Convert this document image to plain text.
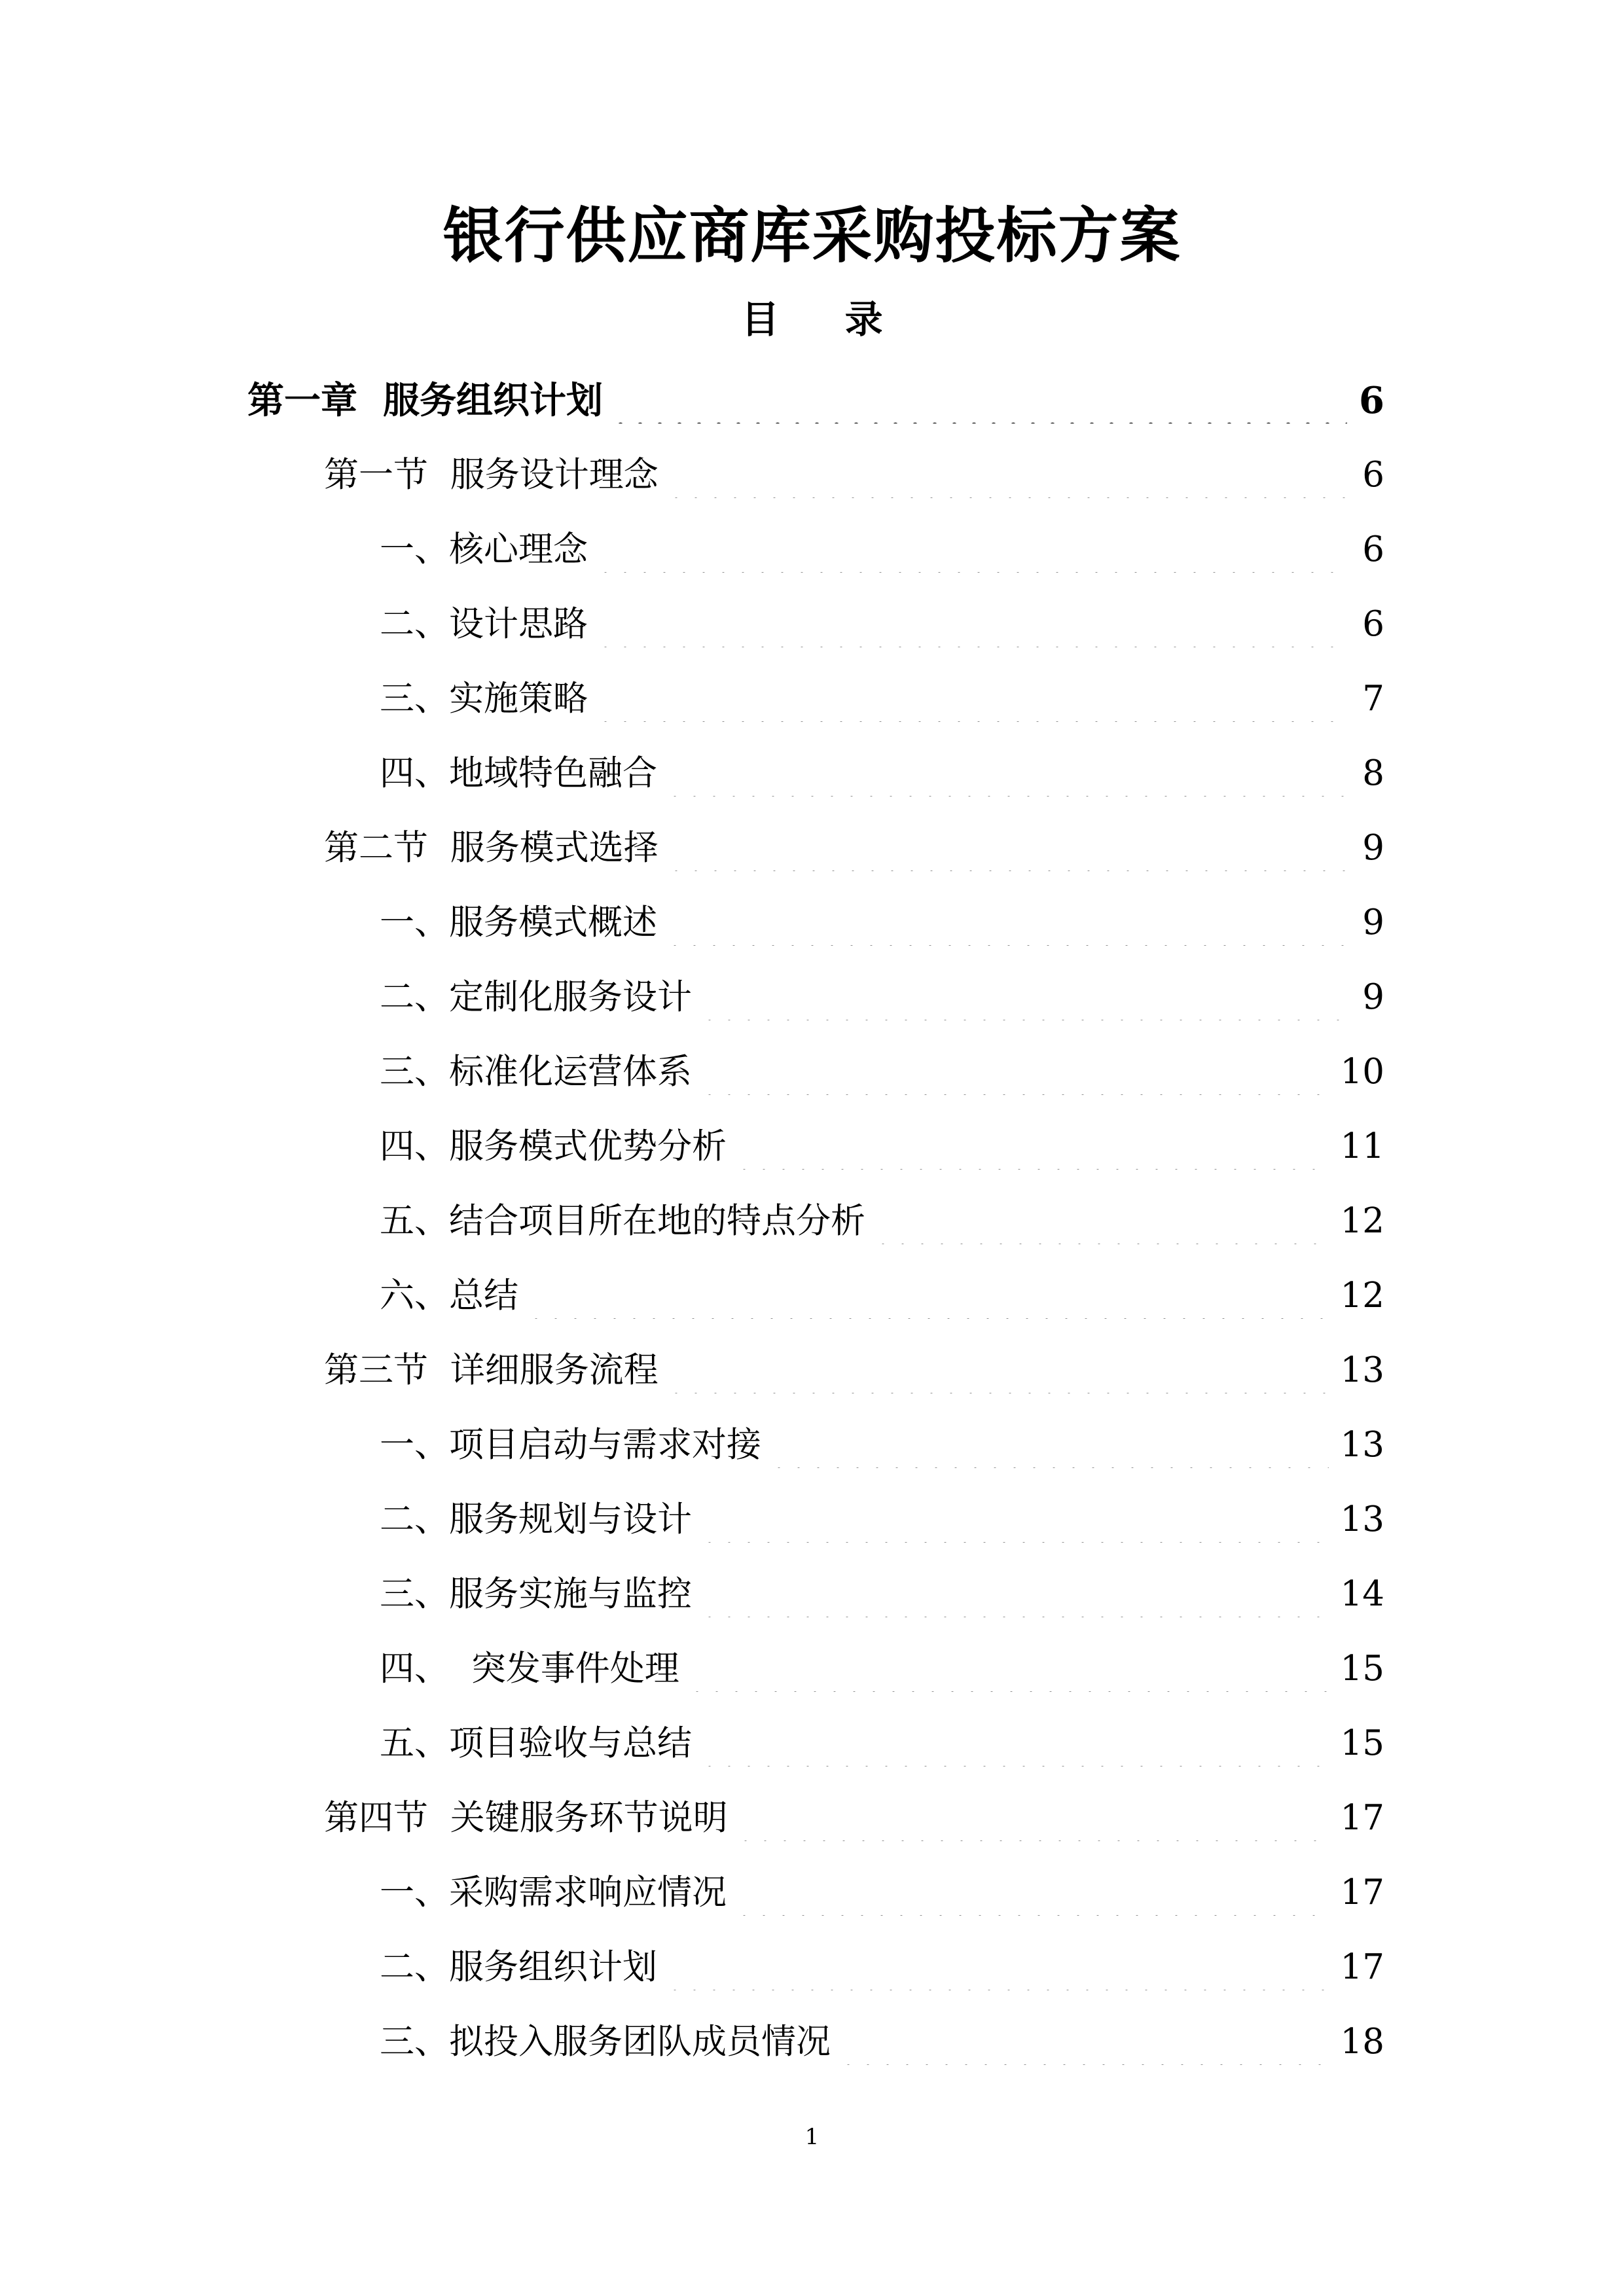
银行供应商库采购投标方案
目 录
第一章  服务组织计划	6
第一节  服务设计理念	6
一、核心理念	6
二、设计思路	6
三、实施策略	7
四、地域特色融合	8
第二节  服务模式选择	9
一、服务模式概述	9
二、定制化服务设计	9
三、标准化运营体系	10
四、服务模式优势分析	11
五、结合项目所在地的特点分析	12
六、总结	12
第三节  详细服务流程	13
一、项目启动与需求对接	13
二、服务规划与设计	13
三、服务实施与监控	14
四、  突发事件处理	15
五、项目验收与总结	15
第四节  关键服务环节说明	17
一、采购需求响应情况	17
二、服务组织计划	17
三、拟投入服务团队成员情况	18
1
